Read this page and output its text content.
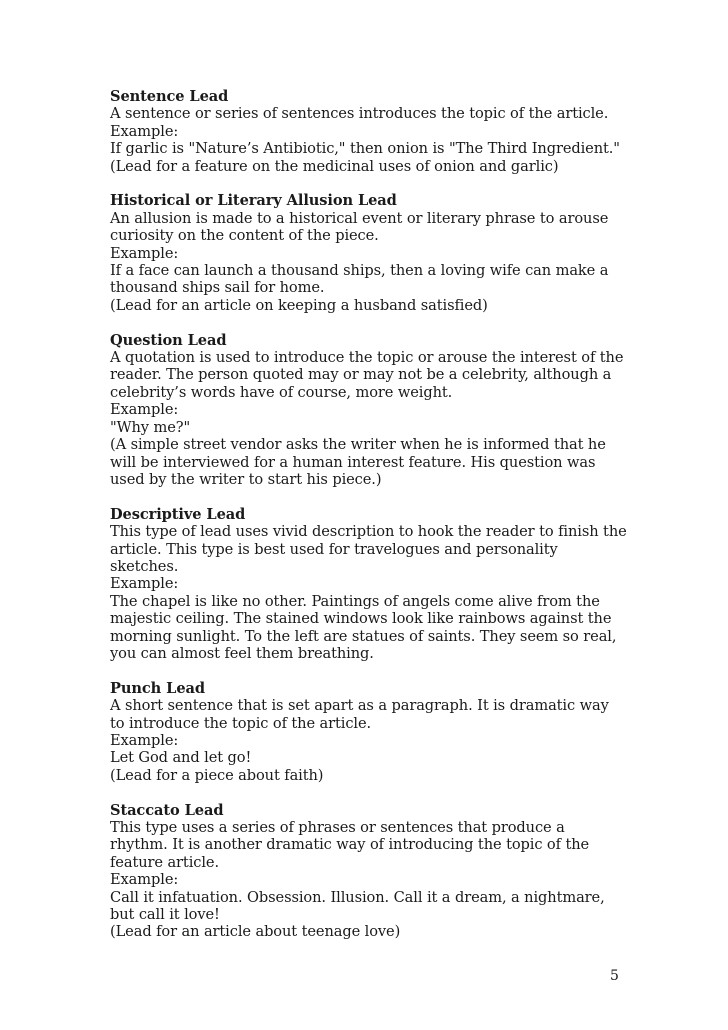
Sentence Lead
A sentence or series of sentences introduces the topic of the article.
Example:
If garlic is "Nature’s Antibiotic," then onion is "The Third Ingredient."
(Lead for a feature on the medicinal uses of onion and garlic)
Historical or Literary Allusion Lead
An allusion is made to a historical event or literary phrase to arouse
curiosity on the content of the piece.
Example:
If a face can launch a thousand ships, then a loving wife can make a
thousand ships sail for home.
(Lead for an article on keeping a husband satisfied)
Question Lead
A quotation is used to introduce the topic or arouse the interest of the
reader. The person quoted may or may not be a celebrity, although a
celebrity’s words have of course, more weight.
Example:
"Why me?"
(A simple street vendor asks the writer when he is informed that he
will be interviewed for a human interest feature. His question was
used by the writer to start his piece.)
Descriptive Lead
This type of lead uses vivid description to hook the reader to finish the
article. This type is best used for travelogues and personality
sketches.
Example:
The chapel is like no other. Paintings of angels come alive from the
majestic ceiling. The stained windows look like rainbows against the
morning sunlight. To the left are statues of saints. They seem so real,
you can almost feel them breathing.
Punch Lead
A short sentence that is set apart as a paragraph. It is dramatic way
to introduce the topic of the article.
Example:
Let God and let go!
(Lead for a piece about faith)
Staccato Lead
This type uses a series of phrases or sentences that produce a
rhythm. It is another dramatic way of introducing the topic of the
feature article.
Example:
Call it infatuation. Obsession. Illusion. Call it a dream, a nightmare,
but call it love!
(Lead for an article about teenage love)
5
